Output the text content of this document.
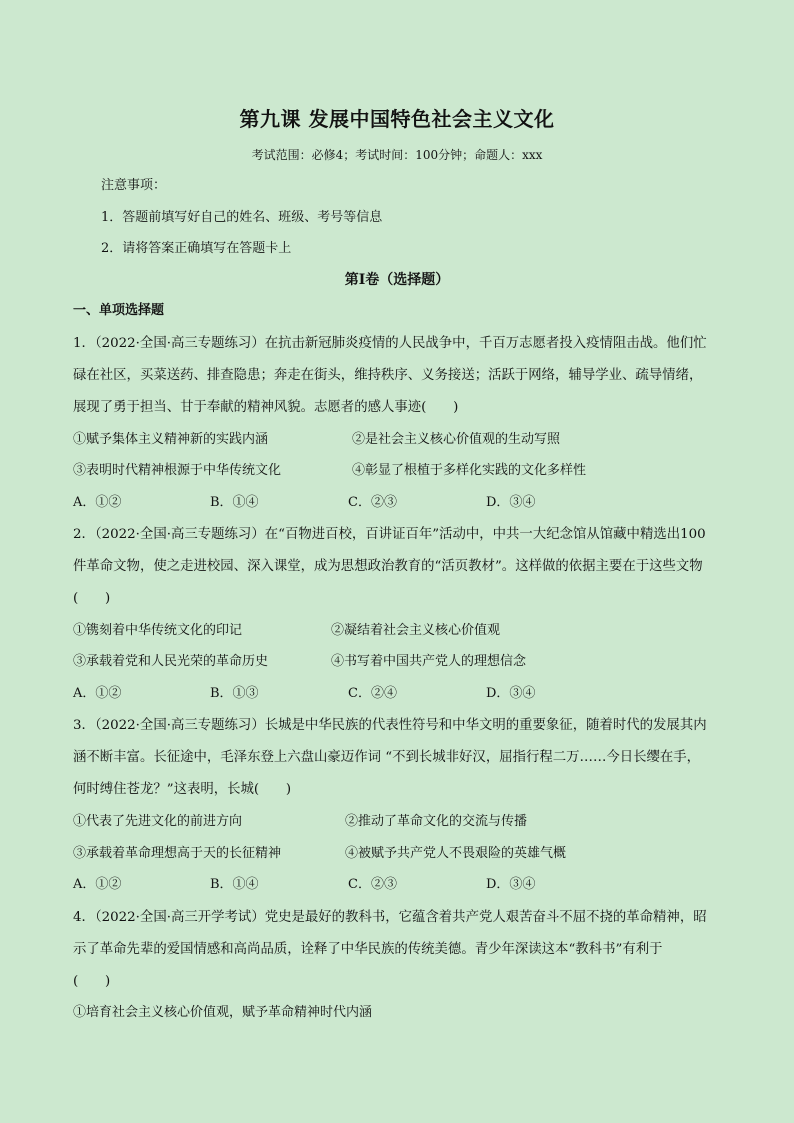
第九课 发展中国特色社会主义文化
考试范围：必修4；考试时间：100分钟；命题人：xxx
注意事项：
1．答题前填写好自己的姓名、班级、考号等信息
2．请将答案正确填写在答题卡上
第I卷（选择题）
一、单项选择题
1．（2022·全国·高三专题练习）在抗击新冠肺炎疫情的人民战争中，千百万志愿者投入疫情阻击战。他们忙
碌在社区，买菜送药、排查隐患；奔走在街头，维持秩序、义务接送；活跃于网络，辅导学业、疏导情绪，
展现了勇于担当、甘于奉献的精神风貌。志愿者的感人事迹(　　)
①赋予集体主义精神新的实践内涵	②是社会主义核心价值观的生动写照
③表明时代精神根源于中华传统文化	④彰显了根植于多样化实践的文化多样性
A．①②	B．①④	C．②③	D．③④
2．（2022·全国·高三专题练习）在“百物进百校，百讲证百年”活动中，中共一大纪念馆从馆藏中精选出100
件革命文物，使之走进校园、深入课堂，成为思想政治教育的“活页教材”。这样做的依据主要在于这些文物
(　　)
①镌刻着中华传统文化的印记	②凝结着社会主义核心价值观
③承载着党和人民光荣的革命历史	④书写着中国共产党人的理想信念
A．①②	B．①③	C．②④	D．③④
3．（2022·全国·高三专题练习）长城是中华民族的代表性符号和中华文明的重要象征，随着时代的发展其内
涵不断丰富。长征途中，毛泽东登上六盘山豪迈作词 “不到长城非好汉，屈指行程二万……今日长缨在手，
何时缚住苍龙？”这表明，长城(　　)
①代表了先进文化的前进方向	②推动了革命文化的交流与传播
③承载着革命理想高于天的长征精神	④被赋予共产党人不畏艰险的英雄气概
A．①②	B．①④	C．②③	D．③④
4．（2022·全国·高三开学考试）党史是最好的教科书，它蕴含着共产党人艰苦奋斗不屈不挠的革命精神，昭
示了革命先辈的爱国情感和高尚品质，诠释了中华民族的传统美德。青少年深读这本“教科书”有利于
(　　)
①培育社会主义核心价值观，赋予革命精神时代内涵
